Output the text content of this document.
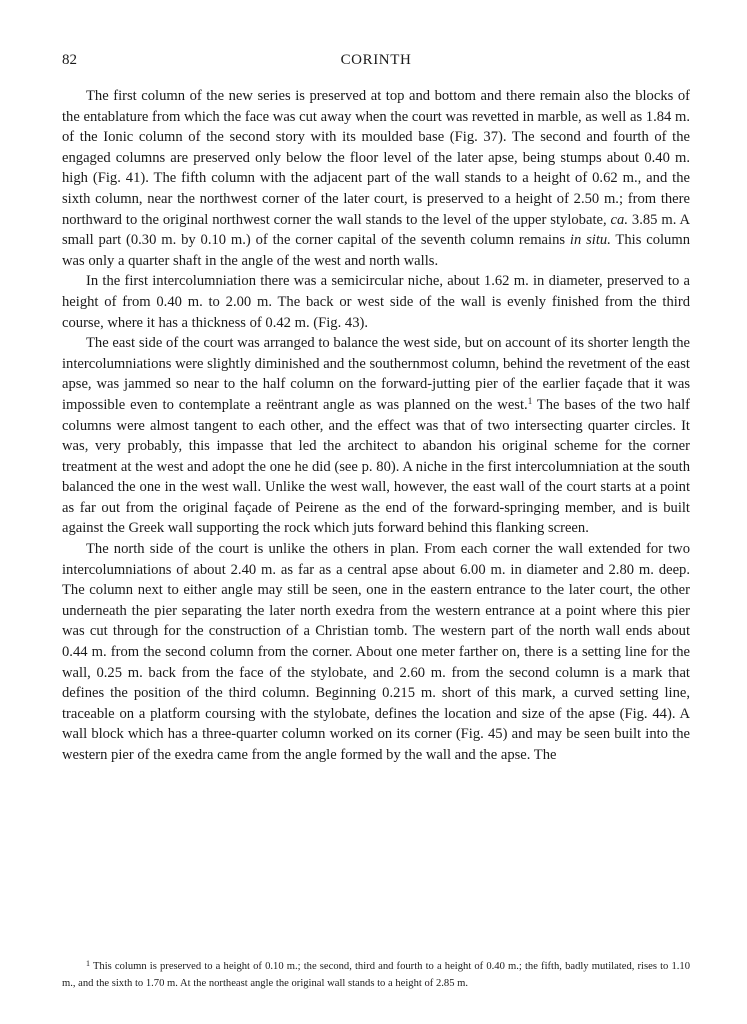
82	CORINTH

The first column of the new series is preserved at top and bottom and there remain also the blocks of the entablature from which the face was cut away when the court was revetted in marble, as well as 1.84 m. of the Ionic column of the second story with its moulded base (Fig. 37). The second and fourth of the engaged columns are preserved only below the floor level of the later apse, being stumps about 0.40 m. high (Fig. 41). The fifth column with the adjacent part of the wall stands to a height of 0.62 m., and the sixth column, near the northwest corner of the later court, is preserved to a height of 2.50 m.; from there northward to the original northwest corner the wall stands to the level of the upper stylobate, ca. 3.85 m. A small part (0.30 m. by 0.10 m.) of the corner capital of the seventh column remains in situ. This column was only a quarter shaft in the angle of the west and north walls.

In the first intercolumniation there was a semicircular niche, about 1.62 m. in diameter, preserved to a height of from 0.40 m. to 2.00 m. The back or west side of the wall is evenly finished from the third course, where it has a thickness of 0.42 m. (Fig. 43).

The east side of the court was arranged to balance the west side, but on account of its shorter length the intercolumniations were slightly diminished and the southernmost column, behind the revetment of the east apse, was jammed so near to the half column on the forward-jutting pier of the earlier façade that it was impossible even to contemplate a reëntrant angle as was planned on the west.$^1$ The bases of the two half columns were almost tangent to each other, and the effect was that of two intersecting quarter circles. It was, very probably, this impasse that led the architect to abandon his original scheme for the corner treatment at the west and adopt the one he did (see p. 80). A niche in the first intercolumniation at the south balanced the one in the west wall. Unlike the west wall, however, the east wall of the court starts at a point as far out from the original façade of Peirene as the end of the forward-springing member, and is built against the Greek wall supporting the rock which juts forward behind this flanking screen.

The north side of the court is unlike the others in plan. From each corner the wall extended for two intercolumniations of about 2.40 m. as far as a central apse about 6.00 m. in diameter and 2.80 m. deep. The column next to either angle may still be seen, one in the eastern entrance to the later court, the other underneath the pier separating the later north exedra from the western entrance at a point where this pier was cut through for the construction of a Christian tomb. The western part of the north wall ends about 0.44 m. from the second column from the corner. About one meter farther on, there is a setting line for the wall, 0.25 m. back from the face of the stylobate, and 2.60 m. from the second column is a mark that defines the position of the third column. Beginning 0.215 m. short of this mark, a curved setting line, traceable on a platform coursing with the stylobate, defines the location and size of the apse (Fig. 44). A wall block which has a three-quarter column worked on its corner (Fig. 45) and may be seen built into the western pier of the exedra came from the angle formed by the wall and the apse. The

$^1$ This column is preserved to a height of 0.10 m.; the second, third and fourth to a height of 0.40 m.; the fifth, badly mutilated, rises to 1.10 m., and the sixth to 1.70 m. At the northeast angle the original wall stands to a height of 2.85 m.
